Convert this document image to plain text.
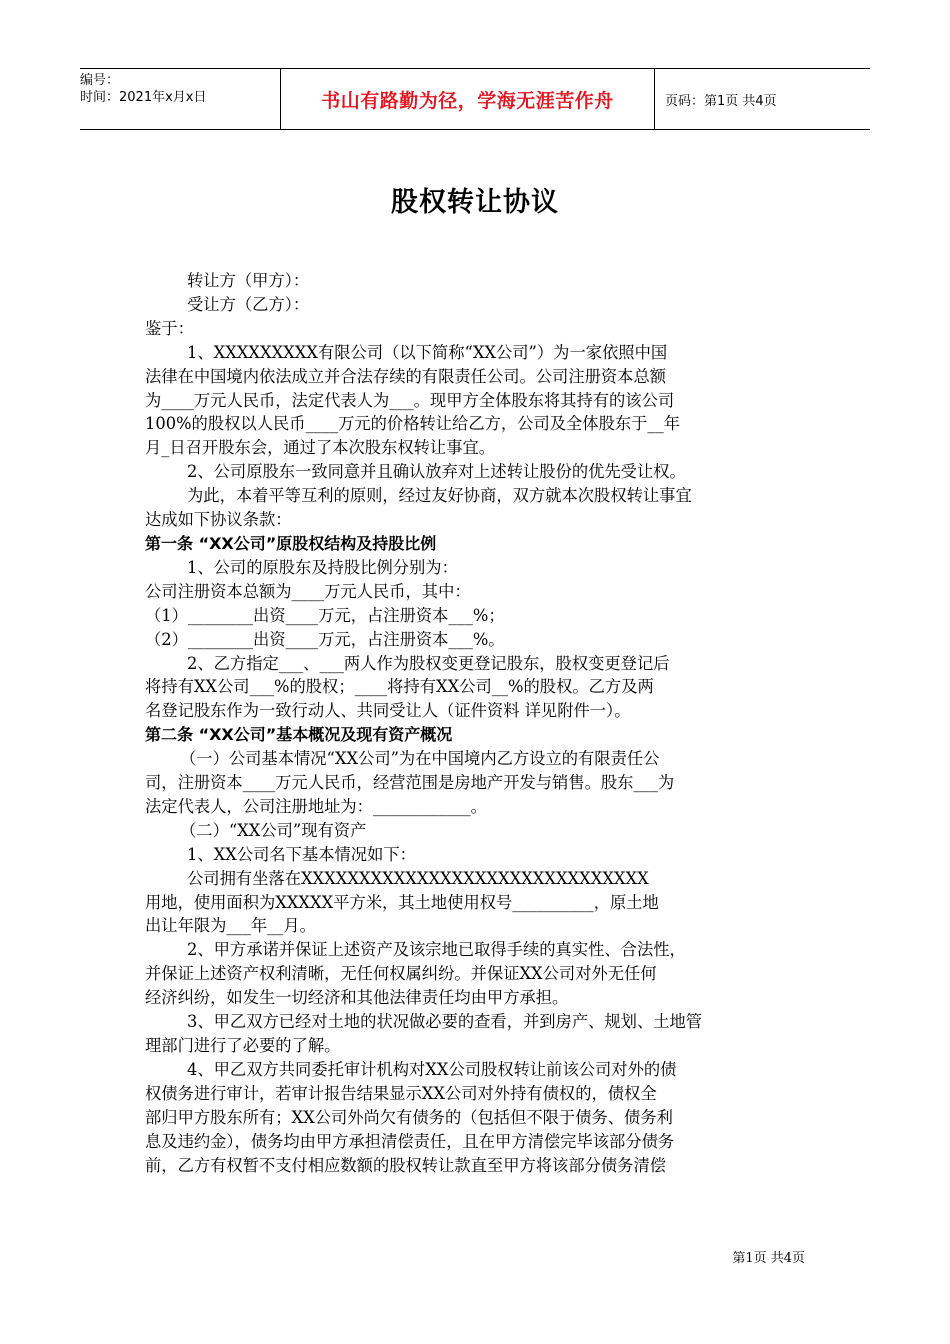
编号：
时间：2021年x月x日	书山有路勤为径，学海无涯苦作舟	页码：第1页 共4页
股权转让协议

转让方（甲方）：

受让方（乙方）：

鉴于：

1、XXXXXXXXX有限公司（以下简称“XX公司”）为一家依照中国

法律在中国境内依法成立并合法存续的有限责任公司。公司注册资本总额

为____万元人民币，法定代表人为___。现甲方全体股东将其持有的该公司

100%的股权以人民币____万元的价格转让给乙方，公司及全体股东于__年

月_日召开股东会，通过了本次股东权转让事宜。

2、公司原股东一致同意并且确认放弃对上述转让股份的优先受让权。

为此，本着平等互利的原则，经过友好协商，双方就本次股权转让事宜

达成如下协议条款：

第一条 “XX公司”原股权结构及持股比例

1、公司的原股东及持股比例分别为：

公司注册资本总额为____万元人民币，其中：

（1）________出资____万元，占注册资本___%；

（2）________出资____万元，占注册资本___%。

2、乙方指定___、___两人作为股权变更登记股东，股权变更登记后

将持有XX公司___%的股权；____将持有XX公司__%的股权。乙方及两

名登记股东作为一致行动人、共同受让人（证件资料 详见附件一）。

第二条 “XX公司”基本概况及现有资产概况

（一）公司基本情况“XX公司”为在中国境内乙方设立的有限责任公

司，注册资本____万元人民币，经营范围是房地产开发与销售。股东___为

法定代表人，公司注册地址为：____________。

（二）“XX公司”现有资产

1、XX公司名下基本情况如下：

公司拥有坐落在XXXXXXXXXXXXXXXXXXXXXXXXXXXXXX

用地，使用面积为XXXXX平方米，其土地使用权号__________，原土地

出让年限为___年__月。

2、甲方承诺并保证上述资产及该宗地已取得手续的真实性、合法性，

并保证上述资产权利清晰，无任何权属纠纷。并保证XX公司对外无任何

经济纠纷，如发生一切经济和其他法律责任均由甲方承担。

3、甲乙双方已经对土地的状况做必要的查看，并到房产、规划、土地管

理部门进行了必要的了解。

4、甲乙双方共同委托审计机构对XX公司股权转让前该公司对外的债

权债务进行审计，若审计报告结果显示XX公司对外持有债权的，债权全

部归甲方股东所有；XX公司外尚欠有债务的（包括但不限于债务、债务利

息及违约金），债务均由甲方承担清偿责任，且在甲方清偿完毕该部分债务

前，乙方有权暂不支付相应数额的股权转让款直至甲方将该部分债务清偿

第1页 共4页
